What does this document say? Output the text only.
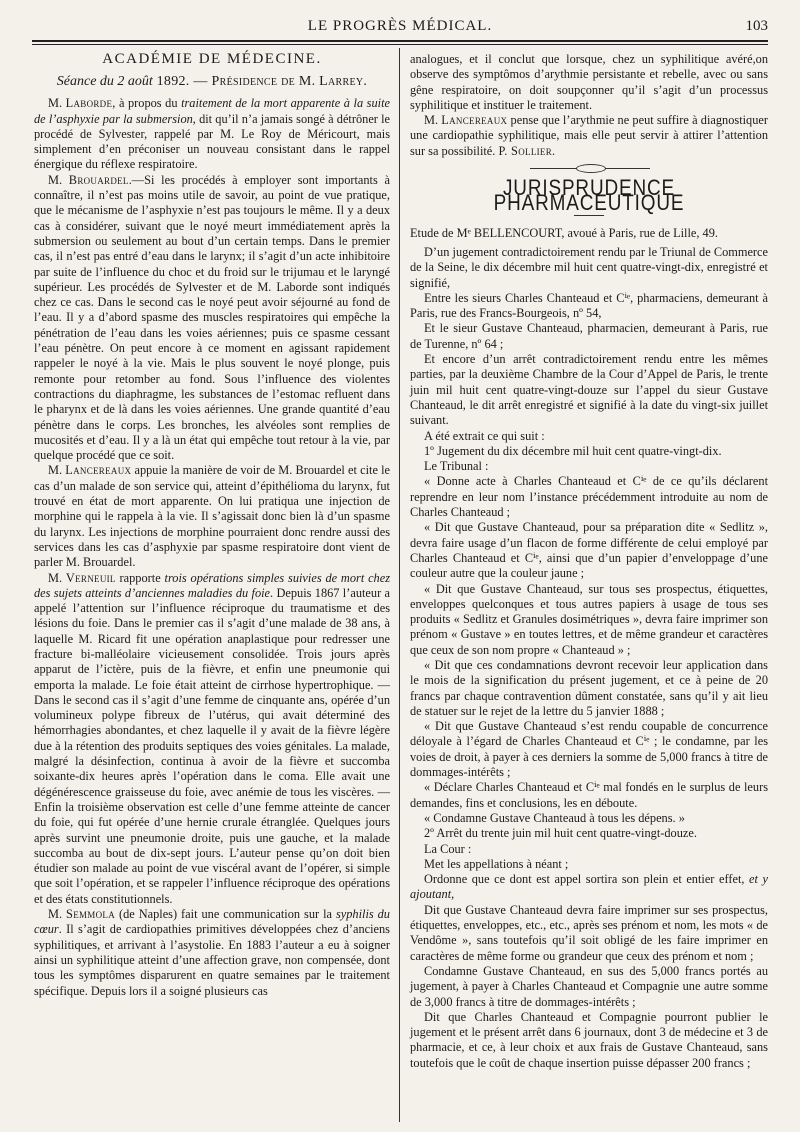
LE PROGRÈS MÉDICAL.	103

ACADÉMIE DE MÉDECINE.

Séance du 2 août 1892. — Présidence de M. Larrey.

M. Laborde, à propos du traitement de la mort apparente à la suite de l’asphyxie par la submersion, dit qu’il n’a jamais songé à détrôner le procédé de Sylvester, rappelé par M. Le Roy de Méricourt, mais simplement d’en préconiser un nouveau consistant dans le rappel énergique du réflexe respiratoire.

M. Brouardel.—Si les procédés à employer sont importants à connaître, il n’est pas moins utile de savoir, au point de vue pratique, que le mécanisme de l’asphyxie n’est pas toujours le même. Il y a deux cas à considérer, suivant que le noyé meurt immédiatement après la submersion ou seulement au bout d’un certain temps. Dans le premier cas, il n’est pas entré d’eau dans le larynx; il s’agit d’un acte inhibitoire par suite de l’influence du choc et du froid sur le trijumau et le laryngé supérieur. Les procédés de Sylvester et de M. Laborde sont indiqués chez ce cas. Dans le second cas le noyé peut avoir séjourné au fond de l’eau. Il y a d’abord spasme des muscles respiratoires qui empêche la pénétration de l’eau dans les voies aériennes; puis ce spasme cessant l’eau pénètre. On peut encore à ce moment en agissant rapidement rappeler le noyé à la vie. Mais le plus souvent le noyé plonge, puis remonte pour retomber au fond. Sous l’influence des violentes contractions du diaphragme, les substances de l’estomac refluent dans le pharynx et de là dans les voies aériennes. Une grande quantité d’eau pénètre dans le corps. Les bronches, les alvéoles sont remplies de mucosités et d’eau. Il y a là un état qui empêche tout retour à la vie, par quelque procédé que ce soit.

M. Lancereaux appuie la manière de voir de M. Brouardel et cite le cas d’un malade de son service qui, atteint d’épithélioma du larynx, fut trouvé en état de mort apparente. On lui pratiqua une injection de morphine qui le rappela à la vie. Il s’agissait donc bien là d’un spasme du larynx. Les injections de morphine pourraient donc rendre aussi des services dans les cas d’asphyxie par spasme respiratoire dont vient de parler M. Brouardel.

M. Verneuil rapporte trois opérations simples suivies de mort chez des sujets atteints d’anciennes maladies du foie. Depuis 1867 l’auteur a appelé l’attention sur l’influence réciproque du traumatisme et des lésions du foie. Dans le premier cas il s’agit d’une malade de 38 ans, à laquelle M. Ricard fit une opération anaplastique pour redresser une fracture bi-malléolaire vicieusement consolidée. Trois jours après apparut de l’ictère, puis de la fièvre, et enfin une pneumonie qui emporta la malade. Le foie était atteint de cirrhose hypertrophique. — Dans le second cas il s’agit d’une femme de cinquante ans, opérée d’un volumineux polype fibreux de l’utérus, qui avait déterminé des hémorrhagies abondantes, et chez laquelle il y avait de la fièvre légère due à la rétention des produits septiques des voies génitales. La malade, malgré la désinfection, continua à avoir de la fièvre et succomba soixante-dix heures après l’opération dans le coma. Elle avait une dégénérescence graisseuse du foie, avec anémie de tous les viscères. — Enfin la troisième observation est celle d’une femme atteinte de cancer du foie, qui fut opérée d’une hernie crurale étranglée. Quelques jours après survint une pneumonie droite, puis une gauche, et la malade succomba au bout de dix-sept jours. L’auteur pense qu’on doit bien étudier son malade au point de vue viscéral avant de l’opérer, si simple que soit l’opération, et se rappeler l’influence réciproque des opérations et des états constitutionnels.

M. Semmola (de Naples) fait une communication sur la syphilis du cœur. Il s’agit de cardiopathies primitives développées chez d’anciens syphilitiques, et arrivant à l’asystolie. En 1883 l’auteur a eu à soigner ainsi un syphilitique atteint d’une affection grave, non compensée, dont tous les symptômes disparurent en quatre semaines par le traitement spécifique. Depuis lors il a soigné plusieurs cas

analogues, et il conclut que lorsque, chez un syphilitique avéré,on observe des symptômos d’arythmie persistante et rebelle, avec ou sans gêne respiratoire, on doit soupçonner qu’il s’agit d’un processus syphilitique et instituer le traitement.

M. Lancereaux pense que l’arythmie ne peut suffire à diagnostiquer une cardiopathie syphilitique, mais elle peut servir à attirer l’attention sur sa possibilité. P. Sollier.

JURISPRUDENCE PHARMACEUTIQUE

Etude de Mᵉ BELLENCOURT, avoué à Paris, rue de Lille, 49.

D’un jugement contradictoirement rendu par le Triunal de Commerce de la Seine, le dix décembre mil huit cent quatre-vingt-dix, enregistré et signifié,

Entre les sieurs Charles Chanteaud et Cⁱᵉ, pharmaciens, demeurant à Paris, rue des Francs-Bourgeois, nº 54,

Et le sieur Gustave Chanteaud, pharmacien, demeurant à Paris, rue de Turenne, nº 64 ;

Et encore d’un arrêt contradictoirement rendu entre les mêmes parties, par la deuxième Chambre de la Cour d’Appel de Paris, le trente juin mil huit cent quatre-vingt-douze sur l’appel du sieur Gustave Chanteaud, le dit arrêt enregistré et signifié à la date du vingt-six juillet suivant.

A été extrait ce qui suit :

1º Jugement du dix décembre mil huit cent quatre-vingt-dix.

Le Tribunal :

« Donne acte à Charles Chanteaud et Cⁱᵉ de ce qu’ils déclarent reprendre en leur nom l’instance précédemment introduite au nom de Charles Chanteaud ;

« Dit que Gustave Chanteaud, pour sa préparation dite « Sedlitz », devra faire usage d’un flacon de forme différente de celui employé par Charles Chanteaud et Cⁱᵉ, ainsi que d’un papier d’enveloppage d’une couleur autre que la couleur jaune ;

« Dit que Gustave Chanteaud, sur tous ses prospectus, étiquettes, enveloppes quelconques et tous autres papiers à usage de tous ses produits « Sedlitz et Granules dosimétriques », devra faire imprimer son prénom « Gustave » en toutes lettres, et de même grandeur et caractères que ceux de son nom propre « Chanteaud » ;

« Dit que ces condamnations devront recevoir leur application dans le mois de la signification du présent jugement, et ce à peine de 20 francs par chaque contravention dûment constatée, sans qu’il y ait lieu de statuer sur le rejet de la lettre du 5 janvier 1888 ;

« Dit que Gustave Chanteaud s’est rendu coupable de concurrence déloyale à l’égard de Charles Chanteaud et Cⁱᵉ ; le condamne, par les voies de droit, à payer à ces derniers la somme de 5,000 francs à titre de dommages-intérêts ;

« Déclare Charles Chanteaud et Cⁱᵉ mal fondés en le surplus de leurs demandes, fins et conclusions, les en déboute.

« Condamne Gustave Chanteaud à tous les dépens. »

2º Arrêt du trente juin mil huit cent quatre-vingt-douze.

La Cour :

Met les appellations à néant ;

Ordonne que ce dont est appel sortira son plein et entier effet, et y ajoutant,

Dit que Gustave Chanteaud devra faire imprimer sur ses prospectus, étiquettes, enveloppes, etc., etc., après ses prénom et nom, les mots « de Vendôme », sans toutefois qu’il soit obligé de les faire imprimer en caractères de même forme ou grandeur que ceux des prénom et nom ;

Condamne Gustave Chanteaud, en sus des 5,000 francs portés au jugement, à payer à Charles Chanteaud et Compagnie une autre somme de 3,000 francs à titre de dommages-intérêts ;

Dit que Charles Chanteaud et Compagnie pourront publier le jugement et le présent arrêt dans 6 journaux, dont 3 de médecine et 3 de pharmacie, et ce, à leur choix et aux frais de Gustave Chanteaud, sans toutefois que le coût de chaque insertion puisse dépasser 200 francs ;
